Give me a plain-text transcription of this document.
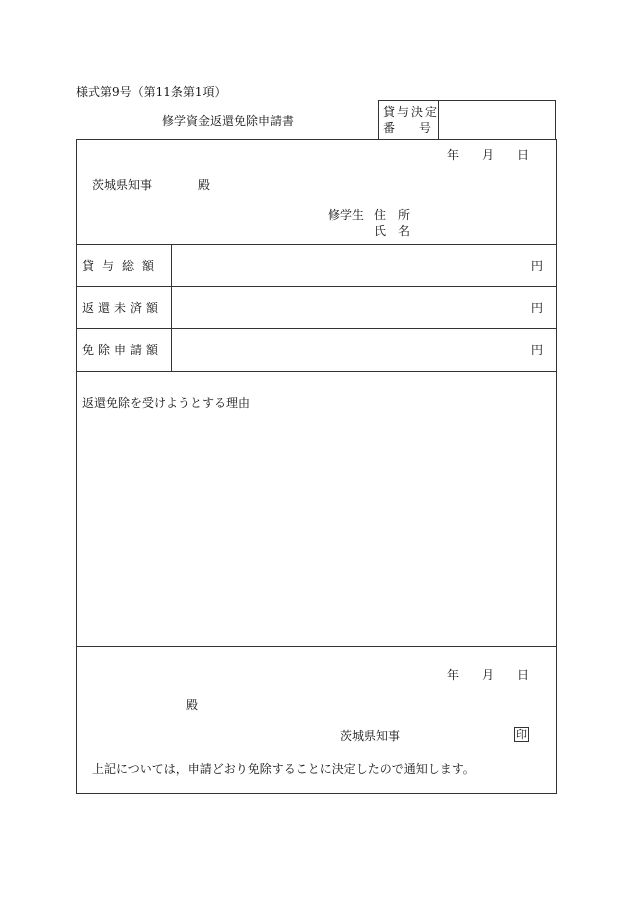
様式第9号（第11条第1項）
修学資金返還免除申請書
貸与決定
番　　号
年 月 日
茨城県知事	殿
修学生 住　所
氏　名
貸与総額	円
返還未済額	円
免除申請額	円
返還免除を受けようとする理由
年 月 日
殿
茨城県知事	印
上記については，申請どおり免除することに決定したので通知します。
